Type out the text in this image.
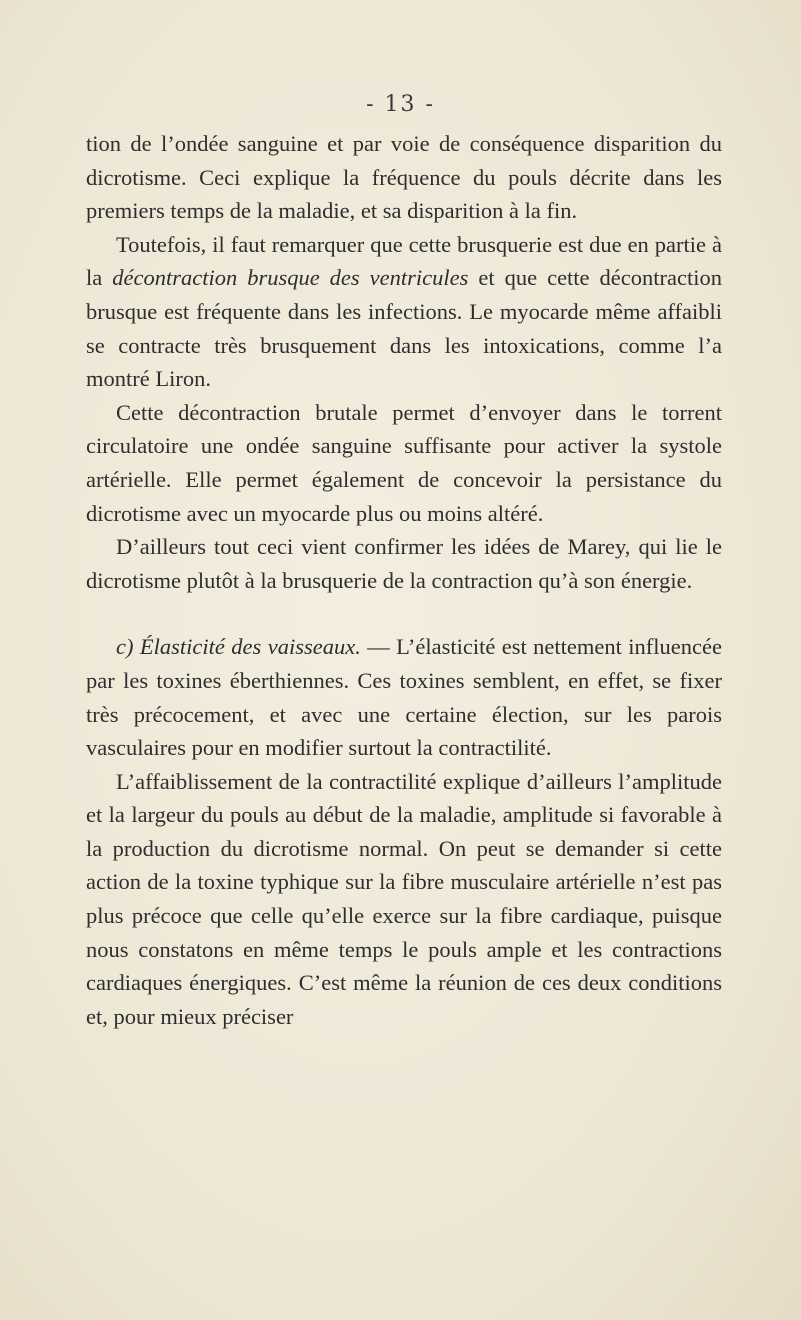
- 13 -

tion de l’ondée sanguine et par voie de conséquence disparition du dicrotisme. Ceci explique la fréquence du pouls décrite dans les premiers temps de la maladie, et sa disparition à la fin.

Toutefois, il faut remarquer que cette brusquerie est due en partie à la décontraction brusque des ventricules et que cette décontraction brusque est fréquente dans les infections. Le myocarde même affaibli se contracte très brusquement dans les intoxications, comme l’a montré Liron.

Cette décontraction brutale permet d’envoyer dans le torrent circulatoire une ondée sanguine suffisante pour activer la systole artérielle. Elle permet également de concevoir la persistance du dicrotisme avec un myocarde plus ou moins altéré.

D’ailleurs tout ceci vient confirmer les idées de Marey, qui lie le dicrotisme plutôt à la brusquerie de la contraction qu’à son énergie.

c) Élasticité des vaisseaux. — L’élasticité est nettement influencée par les toxines éberthiennes. Ces toxines semblent, en effet, se fixer très précocement, et avec une certaine élection, sur les parois vasculaires pour en modifier surtout la contractilité.

L’affaiblissement de la contractilité explique d’ailleurs l’amplitude et la largeur du pouls au début de la maladie, amplitude si favorable à la production du dicrotisme normal. On peut se demander si cette action de la toxine typhique sur la fibre musculaire artérielle n’est pas plus précoce que celle qu’elle exerce sur la fibre cardiaque, puisque nous constatons en même temps le pouls ample et les contractions cardiaques énergiques. C’est même la réunion de ces deux conditions et, pour mieux préciser
